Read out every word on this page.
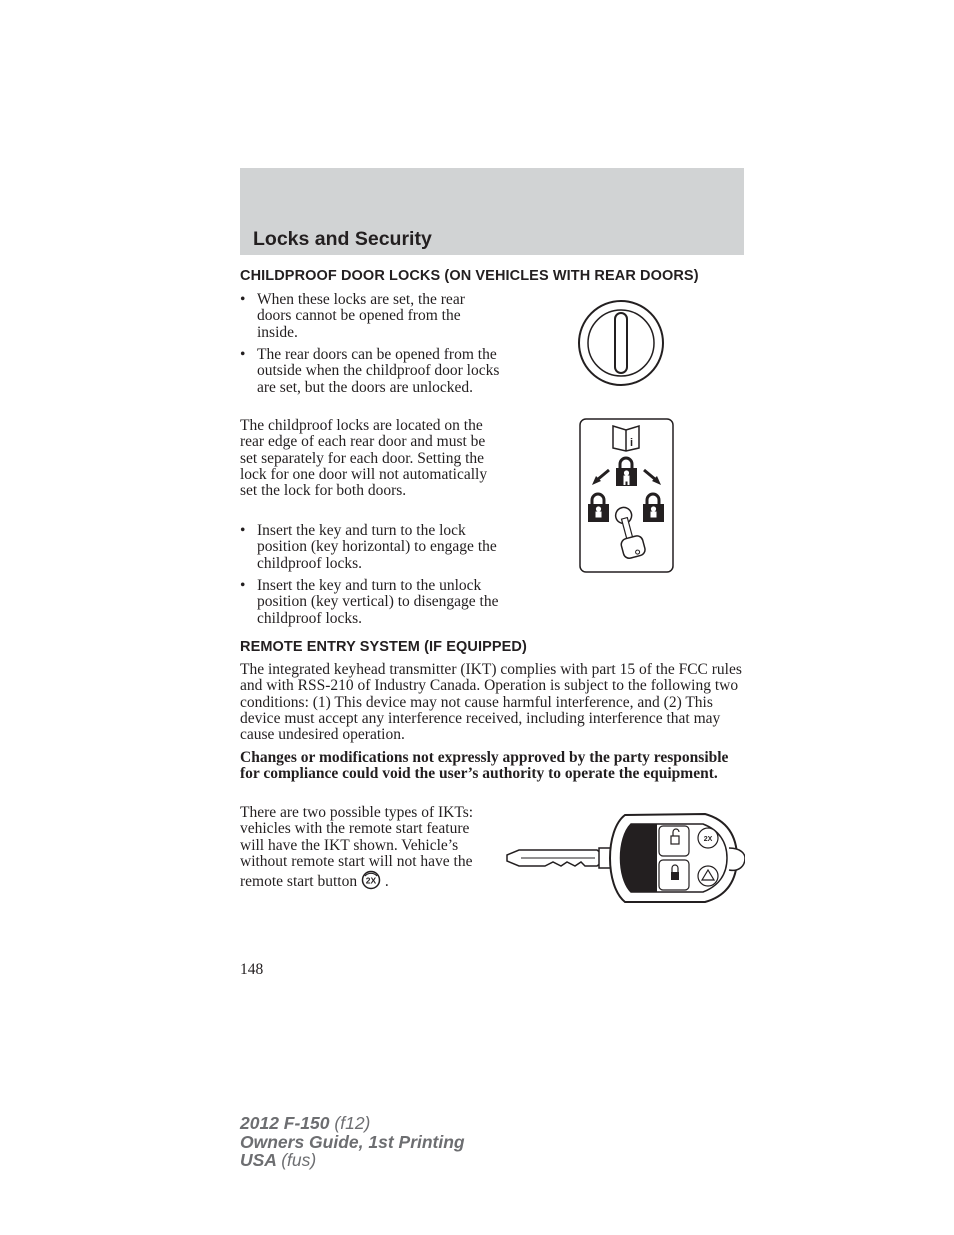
Locks and Security
CHILDPROOF DOOR LOCKS (ON VEHICLES WITH REAR DOORS)
• When these locks are set, the rear doors cannot be opened from the inside.
• The rear doors can be opened from the outside when the childproof door locks are set, but the doors are unlocked.
The childproof locks are located on the rear edge of each rear door and must be set separately for each door. Setting the lock for one door will not automatically set the lock for both doors.
• Insert the key and turn to the lock position (key horizontal) to engage the childproof locks.
• Insert the key and turn to the unlock position (key vertical) to disengage the childproof locks.
i
REMOTE ENTRY SYSTEM (IF EQUIPPED)
The integrated keyhead transmitter (IKT) complies with part 15 of the FCC rules and with RSS-210 of Industry Canada. Operation is subject to the following two conditions: (1) This device may not cause harmful interference, and (2) This device must accept any interference received, including interference that may cause undesired operation.
Changes or modifications not expressly approved by the party responsible for compliance could void the user’s authority to operate the equipment.
There are two possible types of IKTs: vehicles with the remote start feature will have the IKT shown. Vehicle’s without remote start will not have the remote start button 2X .
2X
148
2012 F-150 (f12)
Owners Guide, 1st Printing
USA (fus)
